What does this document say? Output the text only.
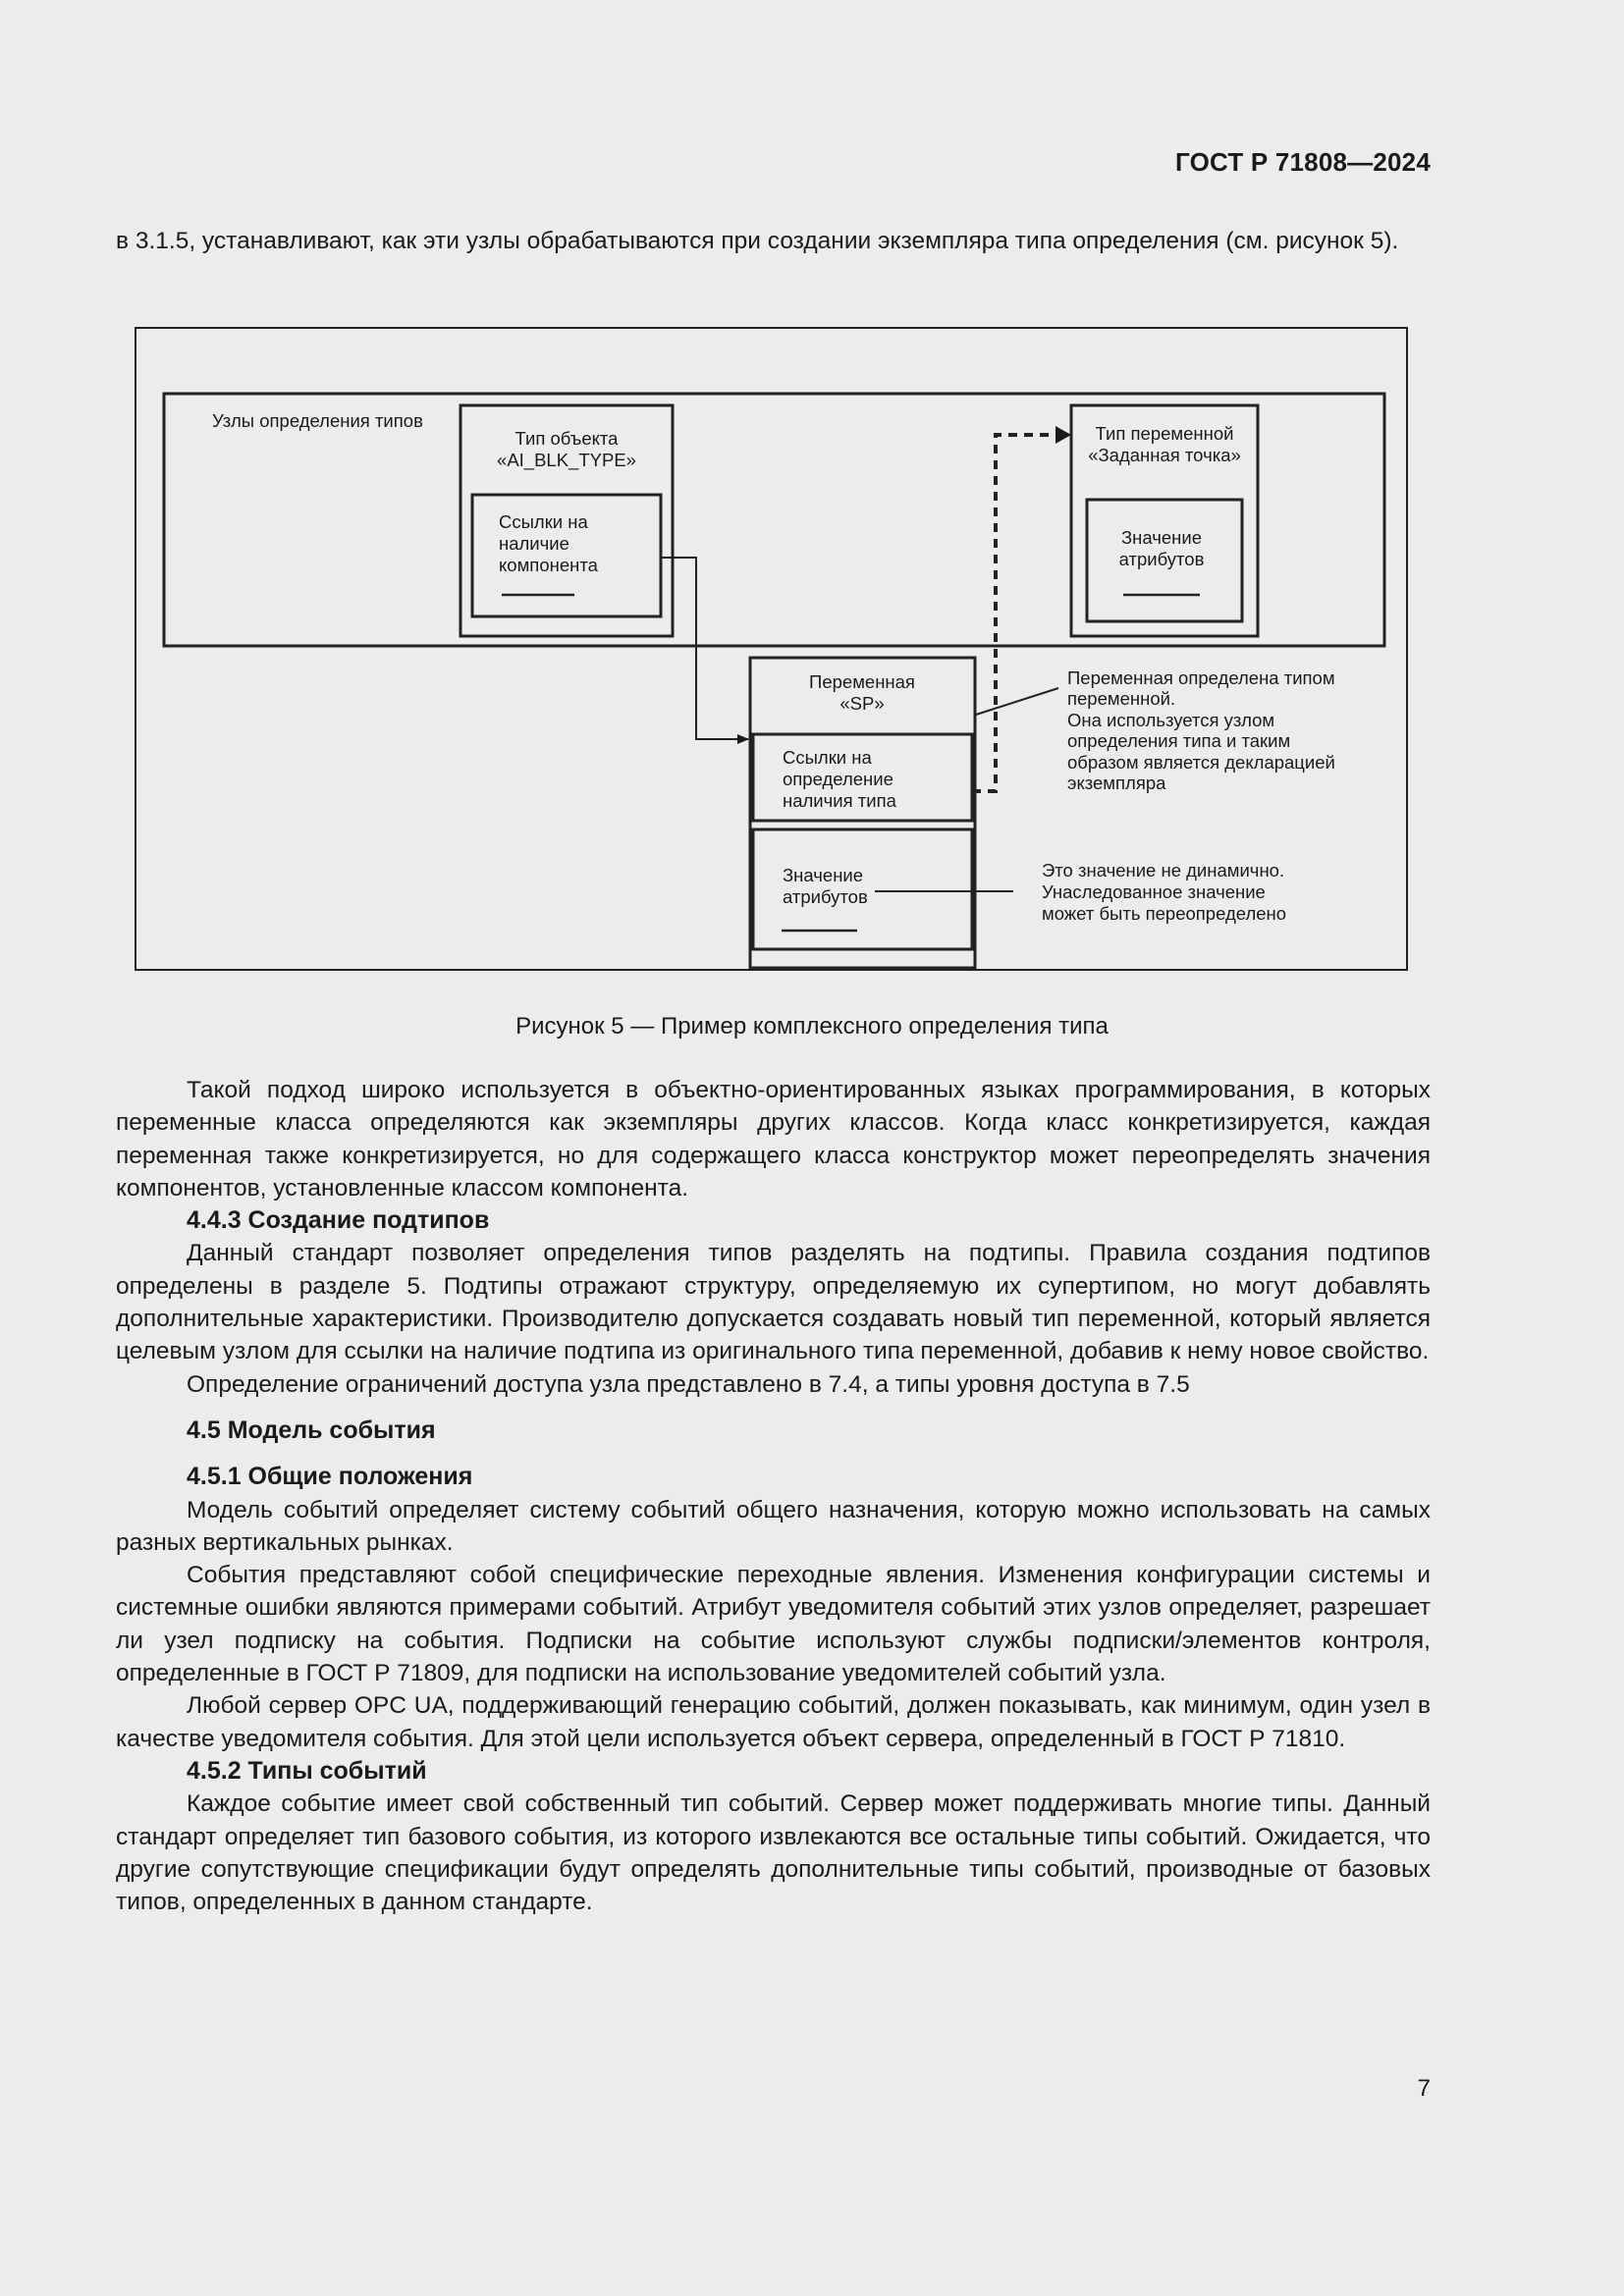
ГОСТ Р 71808—2024
в 3.1.5, устанавливают, как эти узлы обрабатываются при создании экземпляра типа определения (см. рисунок 5).
Узлы определения типов
Тип объекта
«AI_BLK_TYPE»
Ссылки на
наличие
компонента
Тип переменной
«Заданная точка»
Значение
атрибутов
Переменная
«SP»
Ссылки на
определение
наличия типа
Значение
атрибутов
Переменная определена типом
переменной.
Она используется узлом
определения типа и таким
образом является декларацией
экземпляра
Это значение не динамично.
Унаследованное значение
может быть переопределено
Рисунок 5 — Пример комплексного определения типа

Такой подход широко используется в объектно-ориентированных языках программирования, в которых переменные класса определяются как экземпляры других классов. Когда класс конкретизируется, каждая переменная также конкретизируется, но для содержащего класса конструктор может переопределять значения компонентов, установленные классом компонента.

4.4.3 Создание подтипов

Данный стандарт позволяет определения типов разделять на подтипы. Правила создания подтипов определены в разделе 5. Подтипы отражают структуру, определяемую их супертипом, но могут добавлять дополнительные характеристики. Производителю допускается создавать новый тип переменной, который является целевым узлом для ссылки на наличие подтипа из оригинального типа переменной, добавив к нему новое свойство.

Определение ограничений доступа узла представлено в 7.4, а типы уровня доступа в 7.5

4.5 Модель события
4.5.1 Общие положения

Модель событий определяет систему событий общего назначения, которую можно использовать на самых разных вертикальных рынках.

События представляют собой специфические переходные явления. Изменения конфигурации системы и системные ошибки являются примерами событий. Атрибут уведомителя событий этих узлов определяет, разрешает ли узел подписку на события. Подписки на событие используют службы подписки/элементов контроля, определенные в ГОСТ Р 71809, для подписки на использование уведомителей событий узла.

Любой сервер OPC UA, поддерживающий генерацию событий, должен показывать, как минимум, один узел в качестве уведомителя события. Для этой цели используется объект сервера, определенный в ГОСТ Р 71810.

4.5.2 Типы событий

Каждое событие имеет свой собственный тип событий. Сервер может поддерживать многие типы. Данный стандарт определяет тип базового события, из которого извлекаются все остальные типы событий. Ожидается, что другие сопутствующие спецификации будут определять дополнительные типы событий, производные от базовых типов, определенных в данном стандарте.

7
